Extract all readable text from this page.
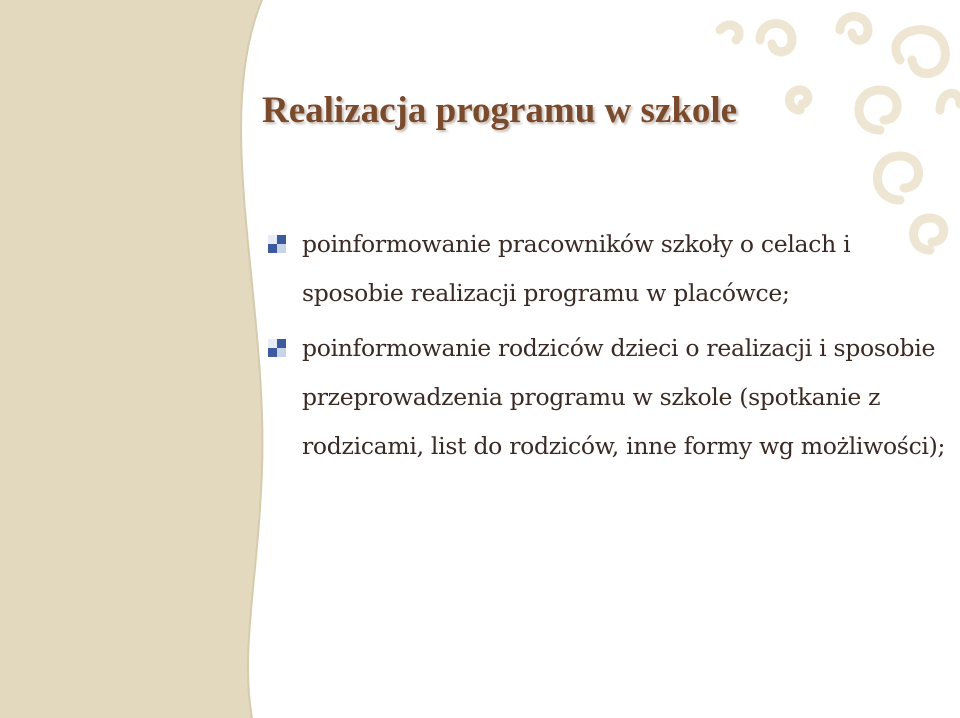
Realizacja programu w szkole
poinformowanie pracowników szkoły o celach i sposobie realizacji programu w placówce;
poinformowanie rodziców dzieci o realizacji i sposobie przeprowadzenia programu w szkole (spotkanie z rodzicami, list do rodziców, inne formy wg możliwości);
